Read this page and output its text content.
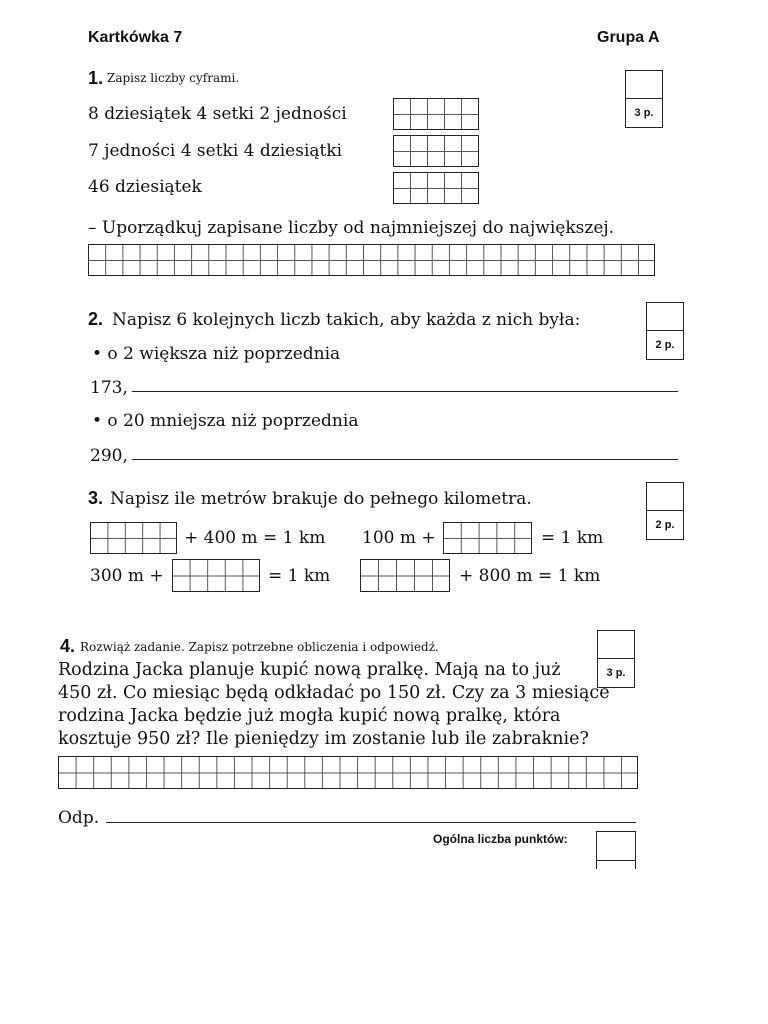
Kartkówka 7	Grupa A
1. Zapisz liczby cyframi.
3 p.
8 dziesiątek 4 setki 2 jedności
7 jedności 4 setki 4 dziesiątki
46 dziesiątek
– Uporządkuj zapisane liczby od najmniejszej do największej.
2. Napisz 6 kolejnych liczb takich, aby każda z nich była:
2 p.
• o 2 większa niż poprzednia
173,
• o 20 mniejsza niż poprzednia
290,
3. Napisz ile metrów brakuje do pełnego kilometra.
2 p.
+ 400 m = 1 km 100 m +	= 1 km
300 m +	= 1 km	+ 800 m = 1 km
4. Rozwiąż zadanie. Zapisz potrzebne obliczenia i odpowiedź.
3 p.
Rodzina Jacka planuje kupić nową pralkę. Mają na to już
450 zł. Co miesiąc będą odkładać po 150 zł. Czy za 3 miesiące
rodzina Jacka będzie już mogła kupić nową pralkę, która
kosztuje 950 zł? Ile pieniędzy im zostanie lub ile zabraknie?
Odp.
Ogólna liczba punktów:
